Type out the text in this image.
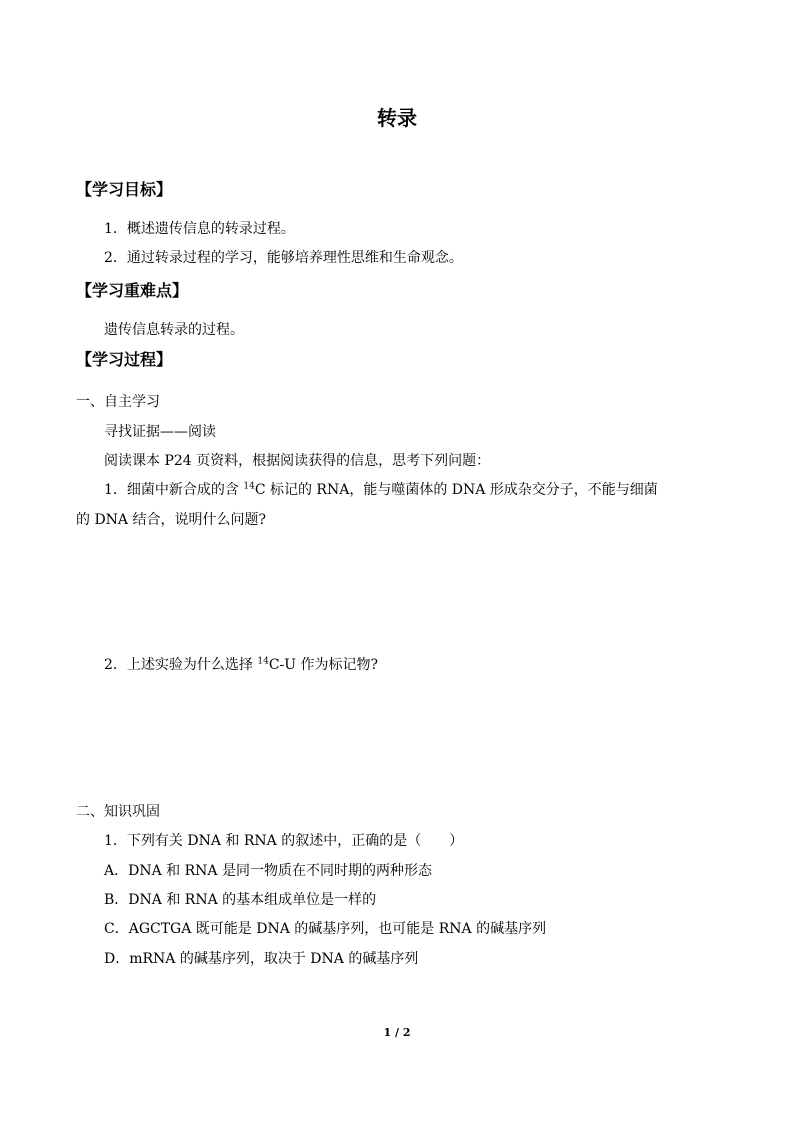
转录
【学习目标】
1．概述遗传信息的转录过程。
2．通过转录过程的学习，能够培养理性思维和生命观念。
【学习重难点】
遗传信息转录的过程。
【学习过程】
一、自主学习
寻找证据——阅读
阅读课本 P24 页资料，根据阅读获得的信息，思考下列问题：
1．细菌中新合成的含 $^{14}$C 标记的 RNA，能与噬菌体的 DNA 形成杂交分子，不能与细菌
的 DNA 结合，说明什么问题?
2．上述实验为什么选择 $^{14}$C-U 作为标记物?
二、知识巩固
1．下列有关 DNA 和 RNA 的叙述中，正确的是（　　）
A．DNA 和 RNA 是同一物质在不同时期的两种形态
B．DNA 和 RNA 的基本组成单位是一样的
C．AGCTGA 既可能是 DNA 的碱基序列，也可能是 RNA 的碱基序列
D．mRNA 的碱基序列，取决于 DNA 的碱基序列
1 / 2
